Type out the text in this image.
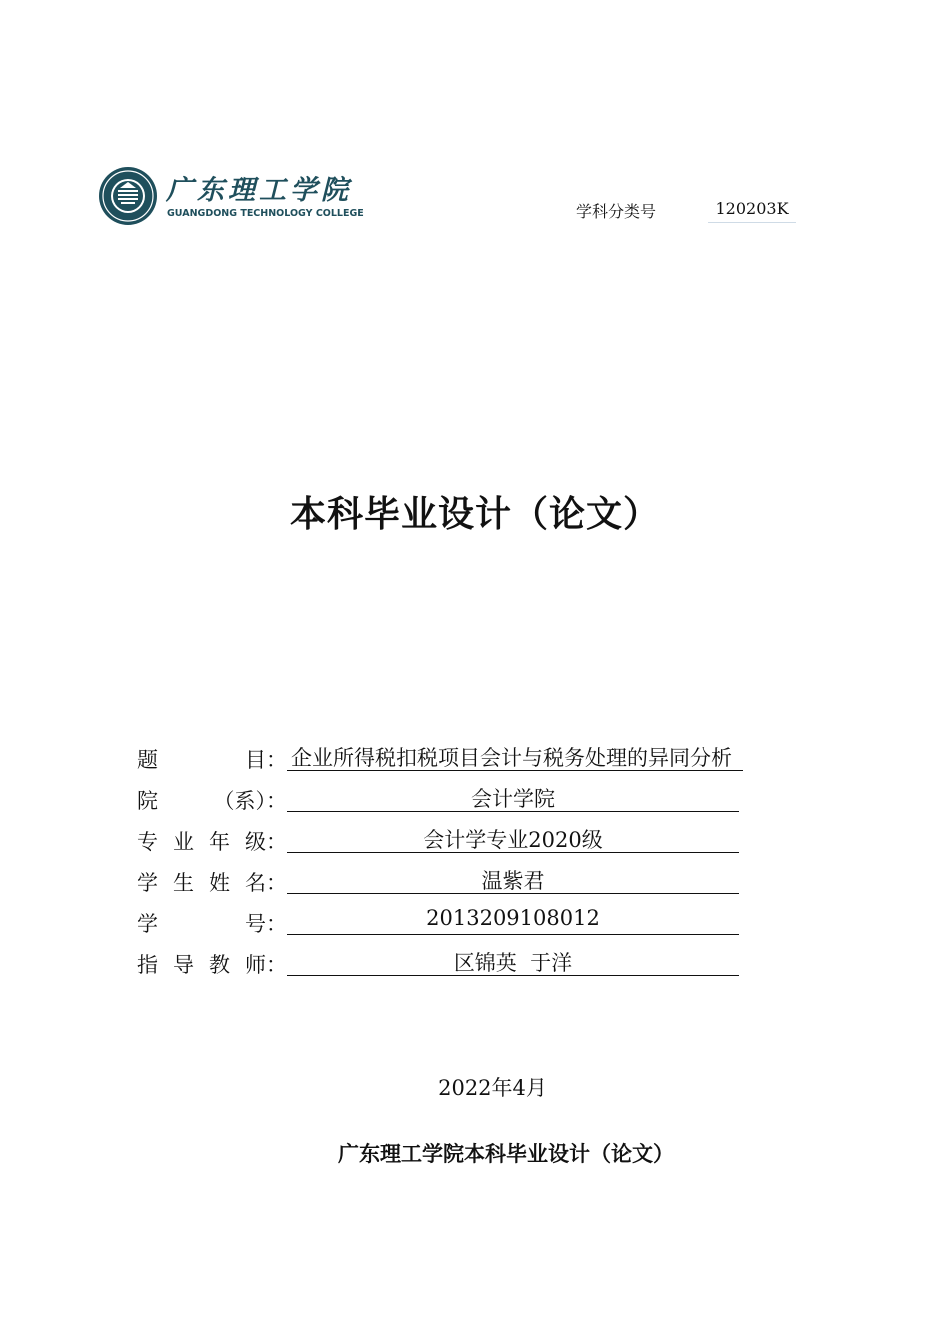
广东理工学院
GUANGDONG TECHNOLOGY COLLEGE	学科分类号	120203K
本科毕业设计（论文）
题	目： 企业所得税扣税项目会计与税务处理的异同分析
院	（系）：	会计学院
专 业 年 级：	会计学专业2020级
学 生 姓 名：	温紫君
学	号：	2013209108012
指 导 教 师：	区锦英  于洋
2022年4月
广东理工学院本科毕业设计（论文）
